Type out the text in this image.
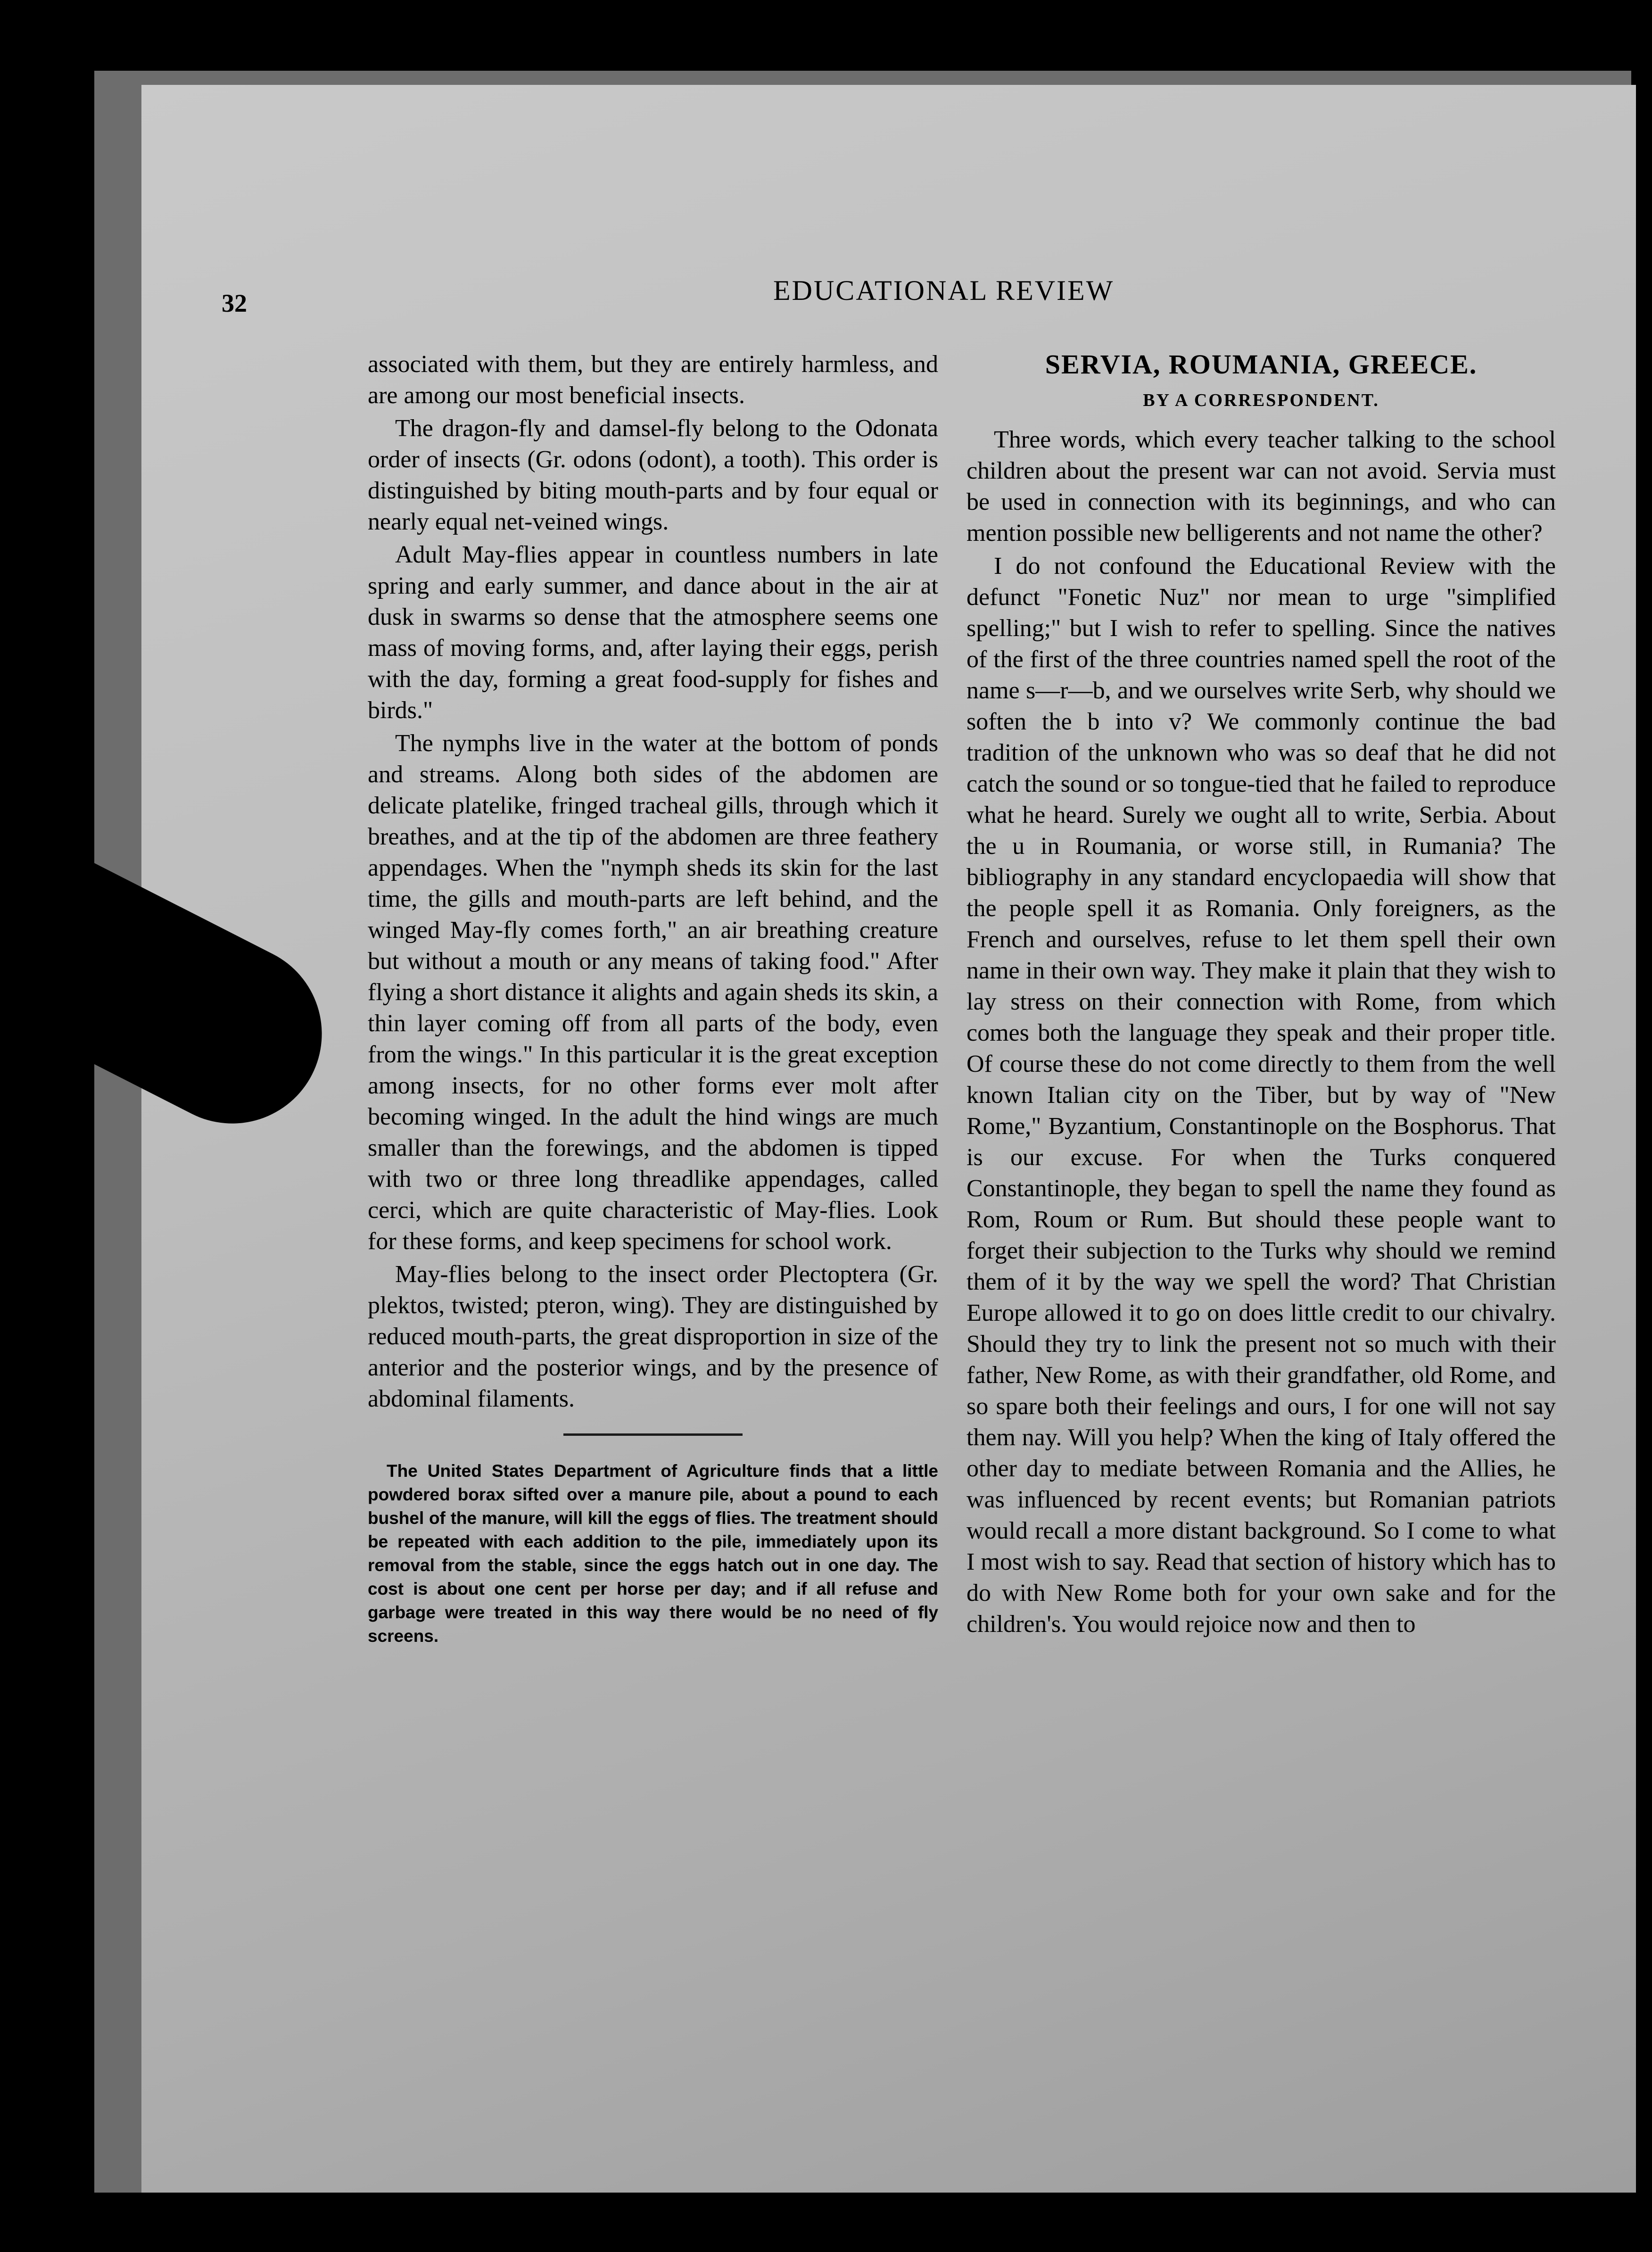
32	EDUCATIONAL REVIEW

associated with them, but they are entirely harmless, and are among our most beneficial insects.

The dragon-fly and damsel-fly belong to the Odonata order of insects (Gr. odons (odont), a tooth). This order is distinguished by biting mouth-parts and by four equal or nearly equal net-veined wings.

Adult May-flies appear in countless numbers in late spring and early summer, and dance about in the air at dusk in swarms so dense that the atmosphere seems one mass of moving forms, and, after laying their eggs, perish with the day, forming a great food-supply for fishes and birds."

The nymphs live in the water at the bottom of ponds and streams. Along both sides of the abdomen are delicate platelike, fringed tracheal gills, through which it breathes, and at the tip of the abdomen are three feathery appendages. When the "nymph sheds its skin for the last time, the gills and mouth-parts are left behind, and the winged May-fly comes forth," an air breathing creature but without a mouth or any means of taking food." After flying a short distance it alights and again sheds its skin, a thin layer coming off from all parts of the body, even from the wings." In this particular it is the great exception among insects, for no other forms ever molt after becoming winged. In the adult the hind wings are much smaller than the forewings, and the abdomen is tipped with two or three long threadlike appendages, called cerci, which are quite characteristic of May-flies. Look for these forms, and keep specimens for school work.

May-flies belong to the insect order Plectoptera (Gr. plektos, twisted; pteron, wing). They are distinguished by reduced mouth-parts, the great disproportion in size of the anterior and the posterior wings, and by the presence of abdominal filaments.

The United States Department of Agriculture finds that a little powdered borax sifted over a manure pile, about a pound to each bushel of the manure, will kill the eggs of flies. The treatment should be repeated with each addition to the pile, immediately upon its removal from the stable, since the eggs hatch out in one day. The cost is about one cent per horse per day; and if all refuse and garbage were treated in this way there would be no need of fly screens.

SERVIA, ROUMANIA, GREECE.
BY A CORRESPONDENT.

Three words, which every teacher talking to the school children about the present war can not avoid. Servia must be used in connection with its beginnings, and who can mention possible new belligerents and not name the other?

I do not confound the Educational Review with the defunct "Fonetic Nuz" nor mean to urge "simplified spelling;" but I wish to refer to spelling. Since the natives of the first of the three countries named spell the root of the name s—r—b, and we ourselves write Serb, why should we soften the b into v? We commonly continue the bad tradition of the unknown who was so deaf that he did not catch the sound or so tongue-tied that he failed to reproduce what he heard. Surely we ought all to write, Serbia. About the u in Roumania, or worse still, in Rumania? The bibliography in any standard encyclopaedia will show that the people spell it as Romania. Only foreigners, as the French and ourselves, refuse to let them spell their own name in their own way. They make it plain that they wish to lay stress on their connection with Rome, from which comes both the language they speak and their proper title. Of course these do not come directly to them from the well known Italian city on the Tiber, but by way of "New Rome," Byzantium, Constantinople on the Bosphorus. That is our excuse. For when the Turks conquered Constantinople, they began to spell the name they found as Rom, Roum or Rum. But should these people want to forget their subjection to the Turks why should we remind them of it by the way we spell the word? That Christian Europe allowed it to go on does little credit to our chivalry. Should they try to link the present not so much with their father, New Rome, as with their grandfather, old Rome, and so spare both their feelings and ours, I for one will not say them nay. Will you help? When the king of Italy offered the other day to mediate between Romania and the Allies, he was influenced by recent events; but Romanian patriots would recall a more distant background. So I come to what I most wish to say. Read that section of history which has to do with New Rome both for your own sake and for the children's. You would rejoice now and then to
